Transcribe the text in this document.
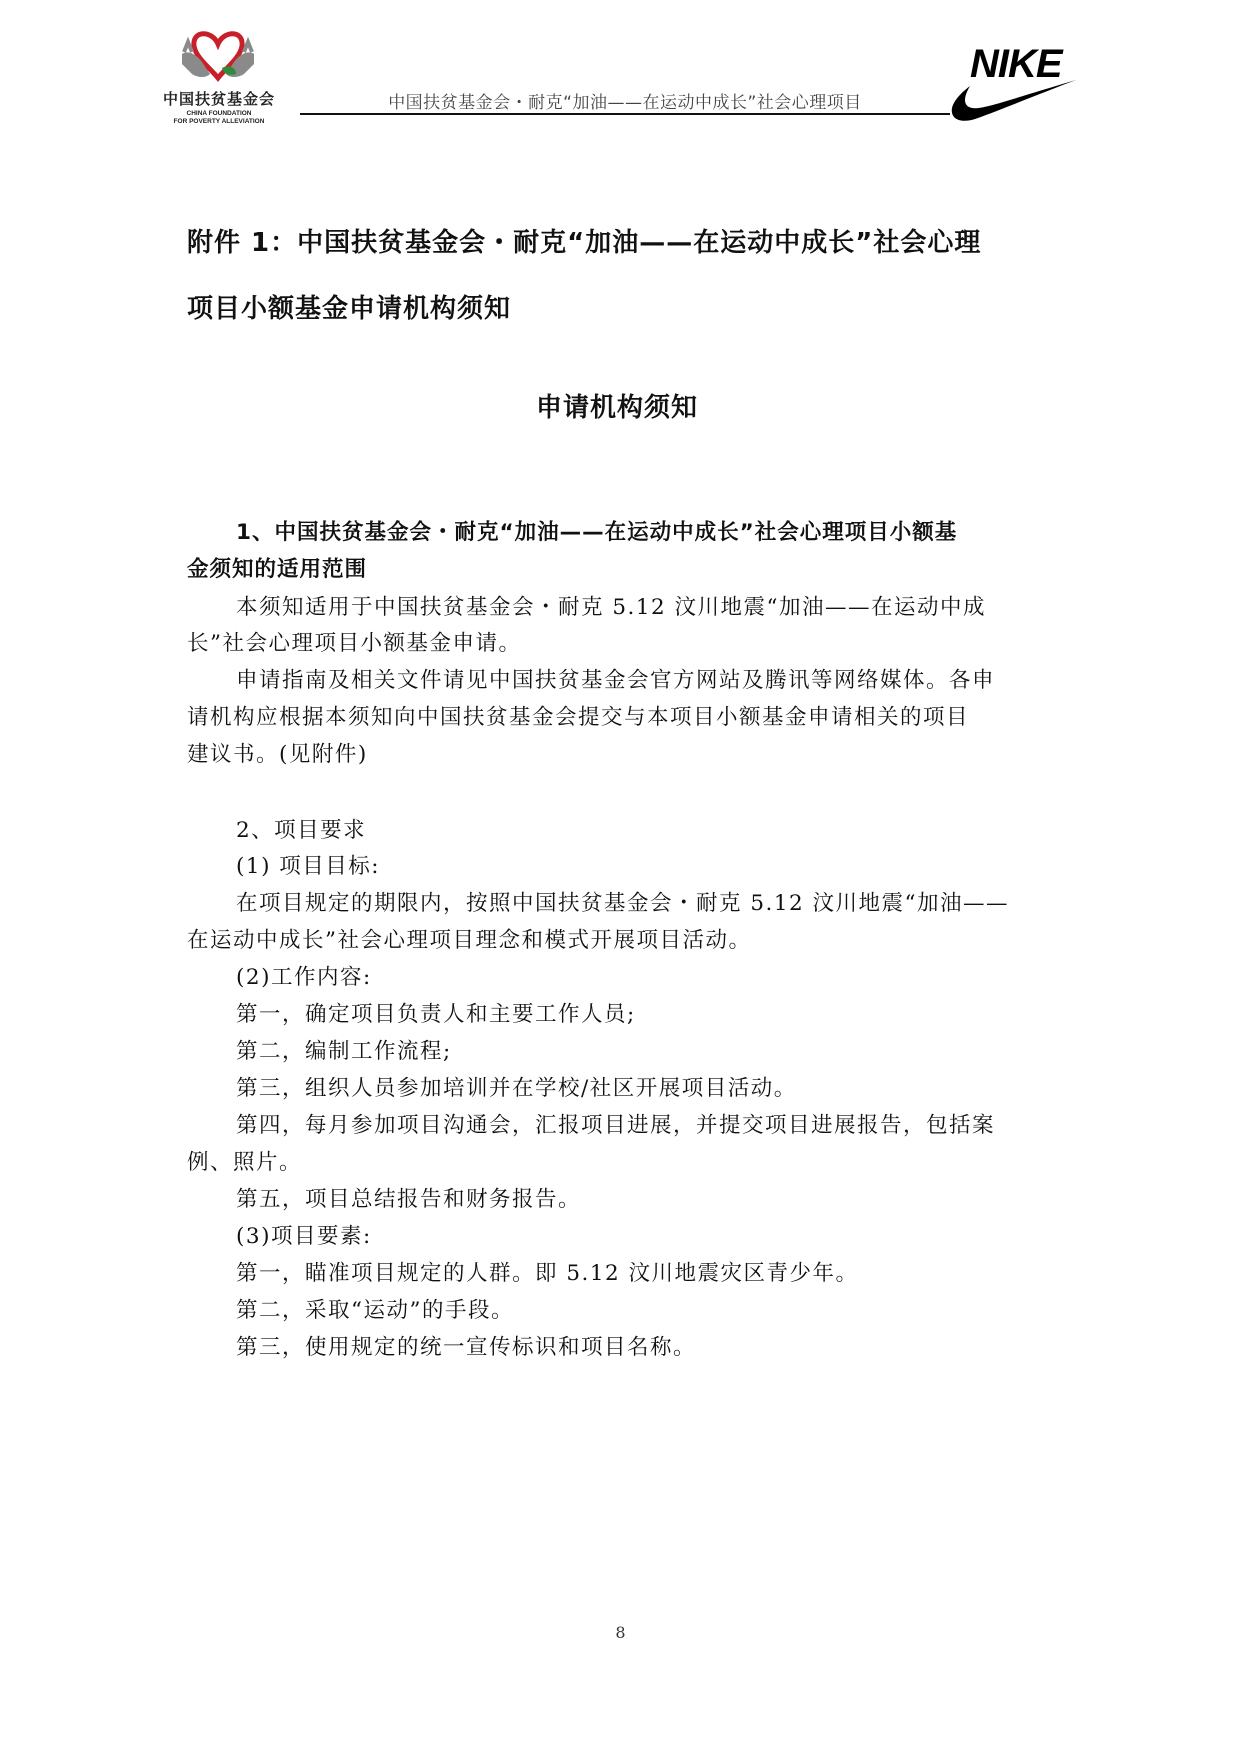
中国扶贫基金会
CHINA FOUNDATION
FOR POVERTY ALLEVIATION
中国扶贫基金会・耐克“加油——在运动中成长”社会心理项目
NIKE
附件 1：中国扶贫基金会・耐克“加油——在运动中成长”社会心理
项目小额基金申请机构须知
申请机构须知
1、中国扶贫基金会・耐克“加油——在运动中成长”社会心理项目小额基
金须知的适用范围
本须知适用于中国扶贫基金会・耐克 5.12 汶川地震“加油——在运动中成
长”社会心理项目小额基金申请。
申请指南及相关文件请见中国扶贫基金会官方网站及腾讯等网络媒体。各申
请机构应根据本须知向中国扶贫基金会提交与本项目小额基金申请相关的项目
建议书。(见附件)
2、项目要求
(1) 项目目标:
在项目规定的期限内，按照中国扶贫基金会・耐克 5.12 汶川地震“加油——
在运动中成长”社会心理项目理念和模式开展项目活动。
(2)工作内容:
第一，确定项目负责人和主要工作人员;
第二，编制工作流程;
第三，组织人员参加培训并在学校/社区开展项目活动。
第四，每月参加项目沟通会，汇报项目进展，并提交项目进展报告，包括案
例、照片。
第五，项目总结报告和财务报告。
(3)项目要素:
第一，瞄准项目规定的人群。即 5.12 汶川地震灾区青少年。
第二，采取“运动”的手段。
第三，使用规定的统一宣传标识和项目名称。
8
